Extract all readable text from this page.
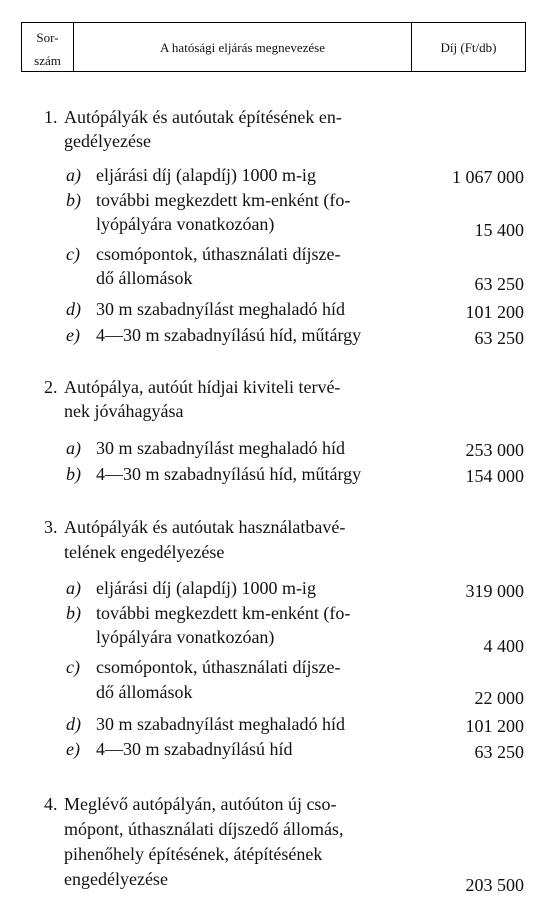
Sor-
szám
A hatósági eljárás megnevezése	Díj (Ft/db)
1. Autópályák és autóutak építésének en-
gedélyezése
a) eljárási díj (alapdíj) 1000 m-ig	1 067 000
b) további megkezdett km-enként (fo-
lyópályára vonatkozóan)	15 400
c) csomópontok, úthasználati díjsze-
dő állomások	63 250
d) 30 m szabadnyílást meghaladó híd	101 200
e) 4—30 m szabadnyílású híd, műtárgy	63 250
2. Autópálya, autóút hídjai kiviteli tervé-
nek jóváhagyása
a) 30 m szabadnyílást meghaladó híd	253 000
b) 4—30 m szabadnyílású híd, műtárgy	154 000
3. Autópályák és autóutak használatbavé-
telének engedélyezése
a) eljárási díj (alapdíj) 1000 m-ig	319 000
b) további megkezdett km-enként (fo-
lyópályára vonatkozóan)	4 400
c) csomópontok, úthasználati díjsze-
dő állomások	22 000
d) 30 m szabadnyílást meghaladó híd	101 200
e) 4—30 m szabadnyílású híd	63 250
4. Meglévő autópályán, autóúton új cso-
mópont, úthasználati díjszedő állomás,
pihenőhely építésének, átépítésének
engedélyezése	203 500
